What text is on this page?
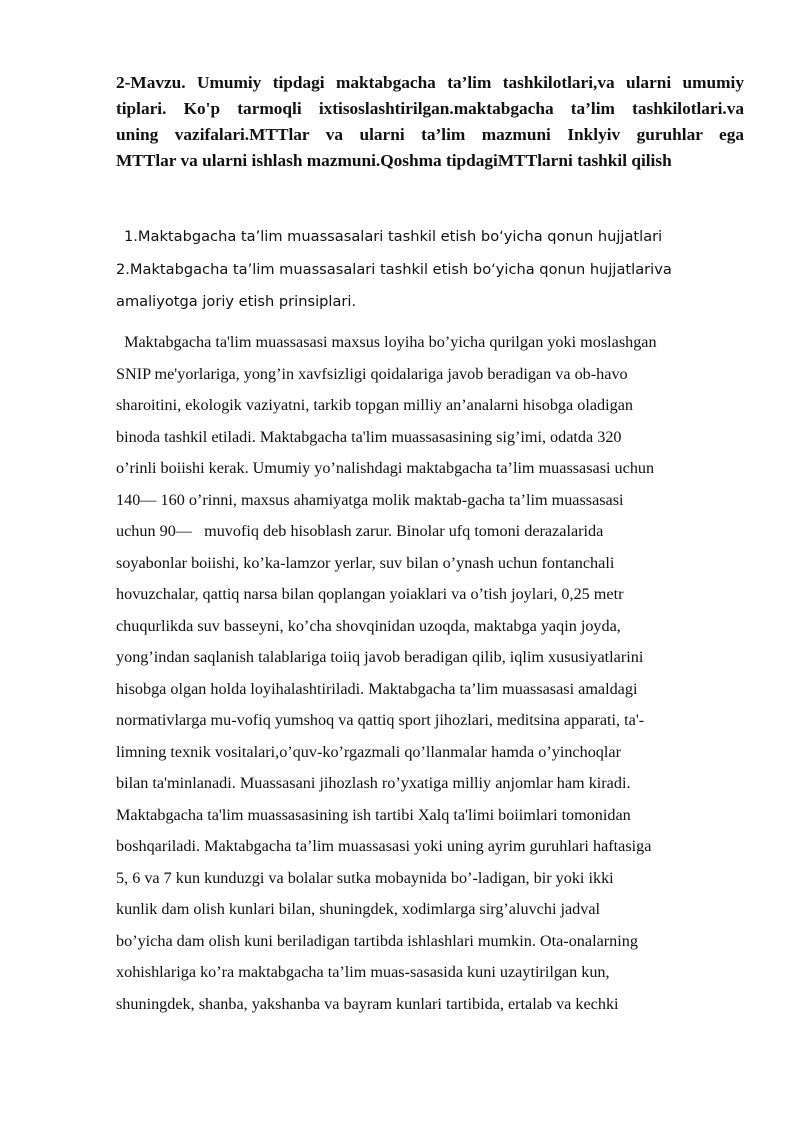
2-Mavzu. Umumiy tipdagi maktabgacha ta’lim tashkilotlari,va ularni umumiy
tiplari. Ko'p tarmoqli ixtisoslashtirilgan.maktabgacha ta’lim tashkilotlari.va
uning vazifalari.MTTlar va ularni ta’lim mazmuni Inklyiv guruhlar ega
MTTlar va ularni ishlash mazmuni.Qoshma tipdagiMTTlarni tashkil qilish

1.Maktabgacha ta’lim muassasalari tashkil etish bo‘yicha qonun hujjatlari

2.Maktabgacha ta’lim muassasalari tashkil etish bo‘yicha qonun hujjatlariva

amaliyotga joriy etish prinsiplari.

Maktabgacha ta'lim muassasasi maxsus loyiha bo’yicha qurilgan yoki moslashgan
SNIP me'yorlariga, yong’in xavfsizligi qoidalariga javob beradigan va ob-havo
sharoitini, ekologik vaziyatni, tarkib topgan milliy an’analarni hisobga oladigan
binoda tashkil etiladi. Maktabgacha ta'lim muassasasining sig’imi, odatda 320
o’rinli boiishi kerak. Umumiy yo’nalishdagi maktabgacha ta’lim muassasasi uchun
140— 160 o’rinni, maxsus ahamiyatga molik maktab-gacha ta’lim muassasasi
uchun 90—   muvofiq deb hisoblash zarur. Binolar ufq tomoni derazalarida
soyabonlar boiishi, ko’ka-lamzor yerlar, suv bilan o’ynash uchun fontanchali
hovuzchalar, qattiq narsa bilan qoplangan yoiaklari va o’tish joylari, 0,25 metr
chuqurlikda suv basseyni, ko’cha shovqinidan uzoqda, maktabga yaqin joyda,
yong’indan saqlanish talablariga toiiq javob beradigan qilib, iqlim xususiyatlarini
hisobga olgan holda loyihalashtiriladi. Maktabgacha ta’lim muassasasi amaldagi
normativlarga mu-vofiq yumshoq va qattiq sport jihozlari, meditsina apparati, ta'-
limning texnik vositalari,o’quv-ko’rgazmali qo’llanmalar hamda o’yinchoqlar
bilan ta'minlanadi. Muassasani jihozlash ro’yxatiga milliy anjomlar ham kiradi.
Maktabgacha ta'lim muassasasining ish tartibi Xalq ta'limi boiimlari tomonidan
boshqariladi. Maktabgacha ta’lim muassasasi yoki uning ayrim guruhlari haftasiga
5, 6 va 7 kun kunduzgi va bolalar sutka mobaynida bo’-ladigan, bir yoki ikki
kunlik dam olish kunlari bilan, shuningdek, xodimlarga sirg’aluvchi jadval
bo’yicha dam olish kuni beriladigan tartibda ishlashlari mumkin. Ota-onalarning
xohishlariga ko’ra maktabgacha ta’lim muas-sasasida kuni uzaytirilgan kun,
shuningdek, shanba, yakshanba va bayram kunlari tartibida, ertalab va kechki
